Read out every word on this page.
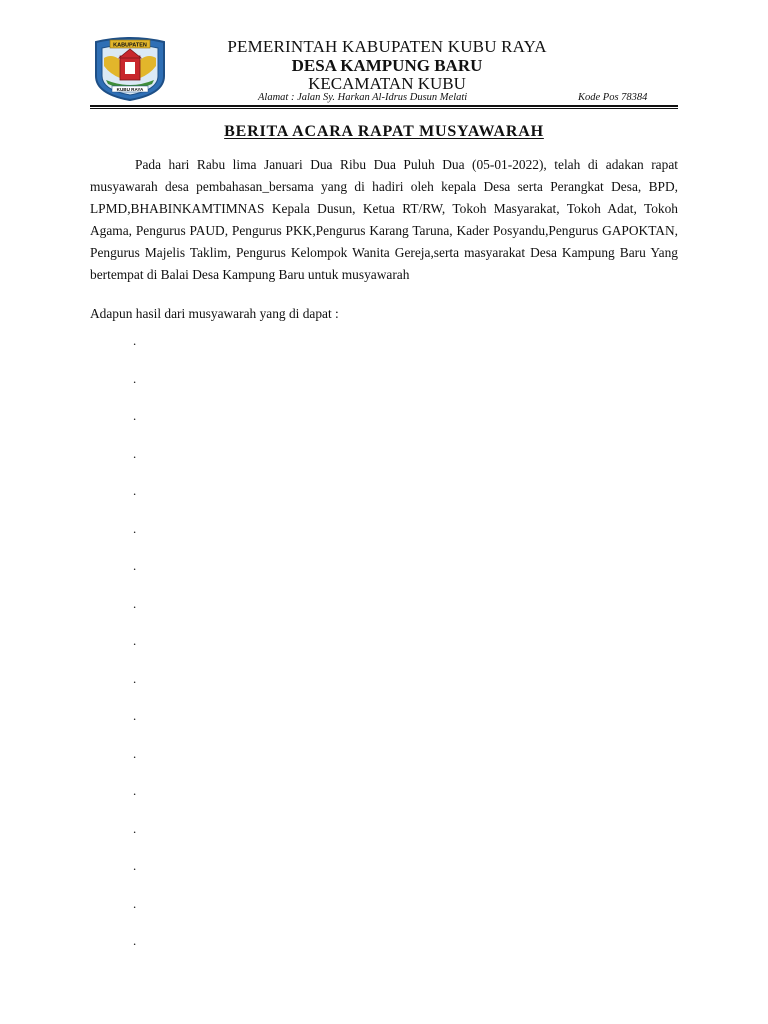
KABUPATEN
KUBU RAYA
PEMERINTAH KABUPATEN KUBU RAYA
DESA KAMPUNG BARU
KECAMATAN KUBU
Alamat : Jalan Sy. Harkan Al-Idrus Dusun Melati	Kode Pos 78384
BERITA ACARA RAPAT MUSYAWARAH

Pada hari Rabu lima Januari Dua Ribu Dua Puluh Dua (05-01-2022), telah di adakan rapat musyawarah desa pembahasan_bersama yang di hadiri oleh kepala Desa serta Perangkat Desa, BPD, LPMD,BHABINKAMTIMNAS Kepala Dusun, Ketua RT/RW, Tokoh Masyarakat, Tokoh Adat, Tokoh Agama, Pengurus PAUD, Pengurus PKK,Pengurus Karang Taruna, Kader Posyandu,Pengurus GAPOKTAN, Pengurus Majelis Taklim, Pengurus Kelompok Wanita Gereja,serta masyarakat Desa Kampung Baru Yang bertempat di Balai Desa Kampung Baru untuk musyawarah

Adapun hasil dari musyawarah yang di dapat :
.
.
.
.
.
.
.
.
.
.
.
.
.
.
.
.
.
